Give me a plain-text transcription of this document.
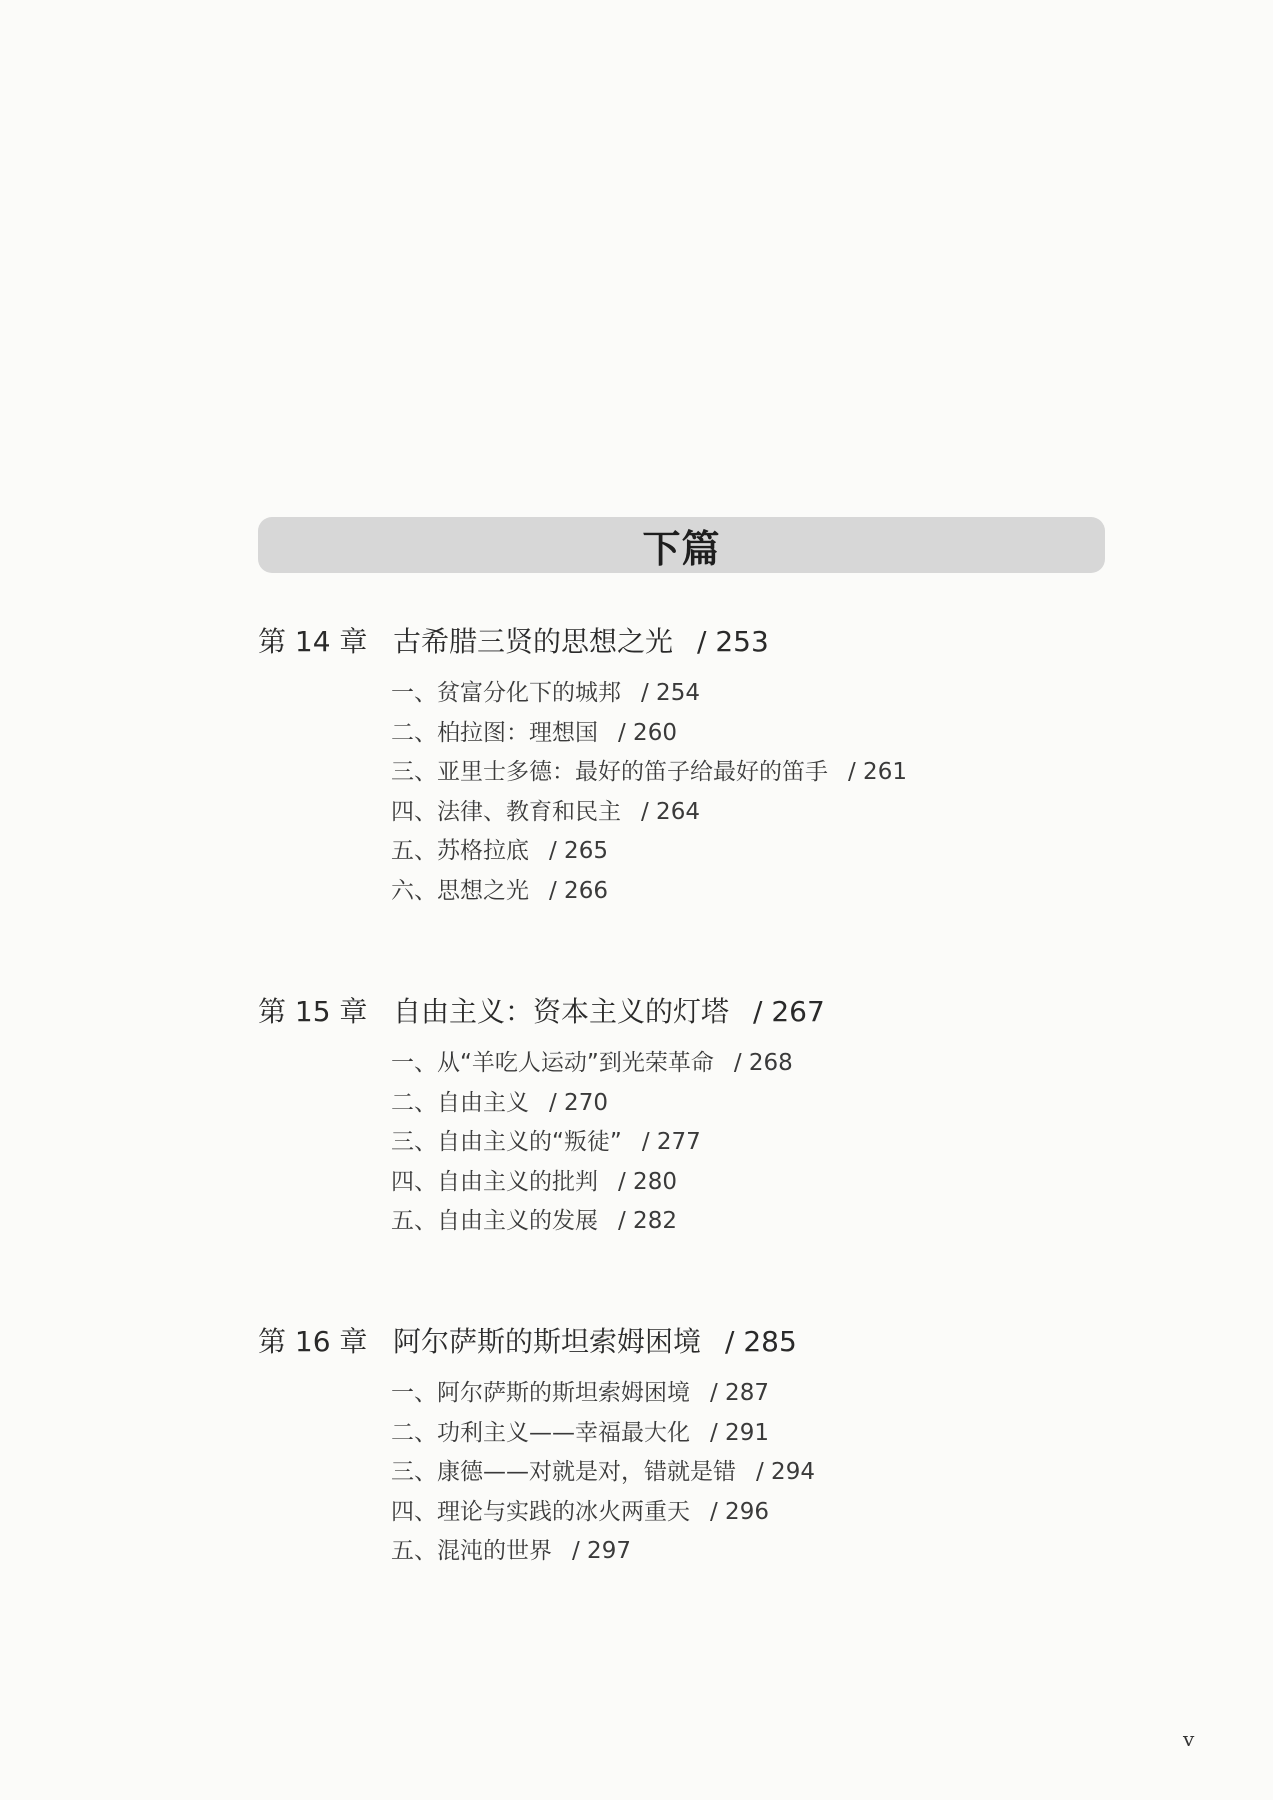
下篇
第 14 章 古希腊三贤的思想之光 / 253
一、贫富分化下的城邦 / 254
二、柏拉图：理想国 / 260
三、亚里士多德：最好的笛子给最好的笛手 / 261
四、法律、教育和民主 / 264
五、苏格拉底 / 265
六、思想之光 / 266
第 15 章 自由主义：资本主义的灯塔 / 267
一、从“羊吃人运动”到光荣革命 / 268
二、自由主义 / 270
三、自由主义的“叛徒” / 277
四、自由主义的批判 / 280
五、自由主义的发展 / 282
第 16 章 阿尔萨斯的斯坦索姆困境 / 285
一、阿尔萨斯的斯坦索姆困境 / 287
二、功利主义——幸福最大化 / 291
三、康德——对就是对，错就是错 / 294
四、理论与实践的冰火两重天 / 296
五、混沌的世界 / 297
v
